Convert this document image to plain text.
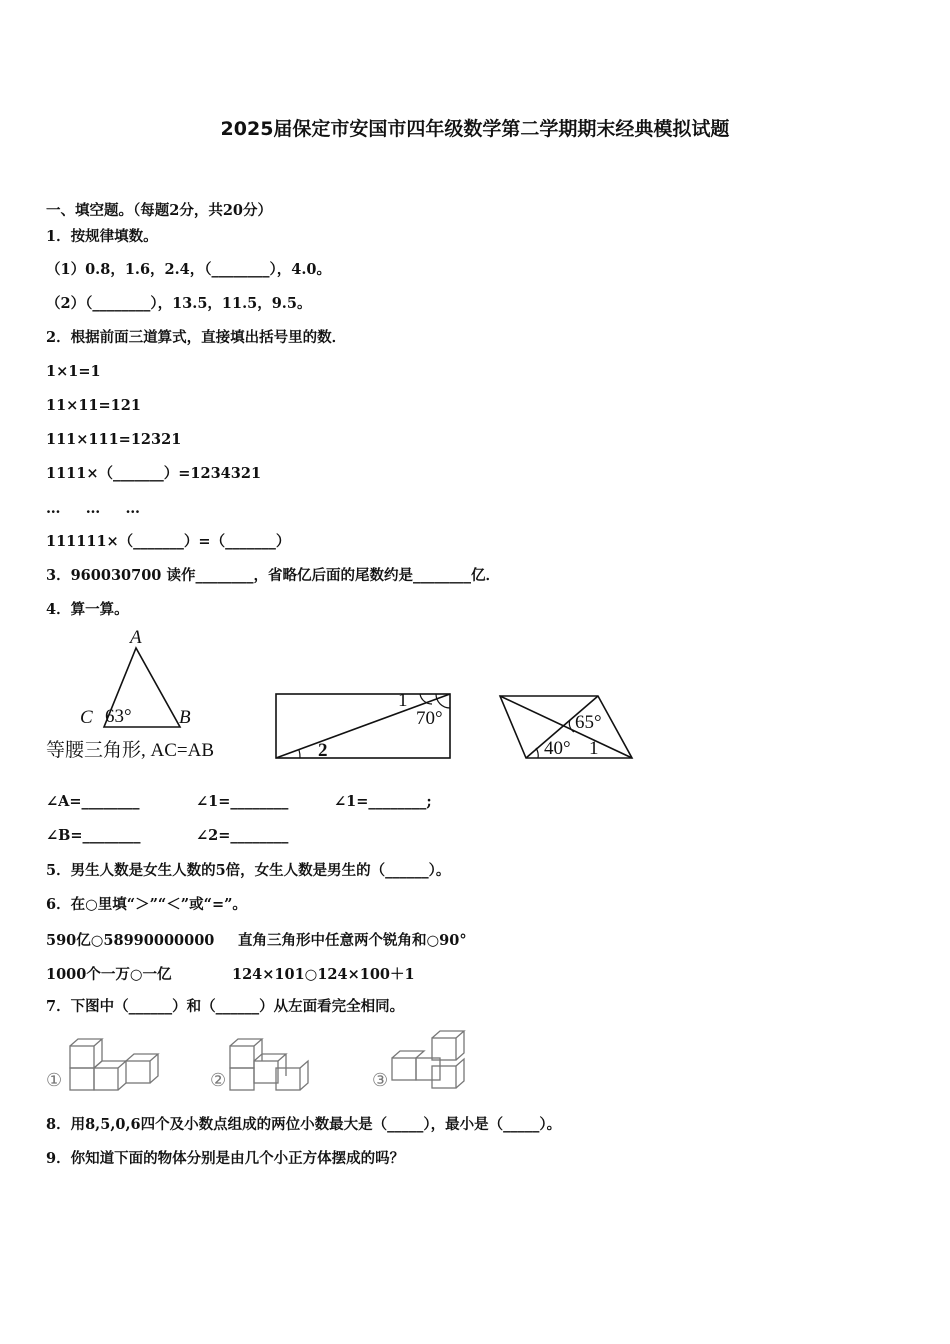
2025届保定市安国市四年级数学第二学期期末经典模拟试题
一、填空题。（每题2分，共20分）
1．按规律填数。
（1）0.8，1.6，2.4，（________），4.0。
（2）（________），13.5，11.5，9.5。
2．根据前面三道算式，直接填出括号里的数．
1×1=1
11×11=121
111×111=12321
1111×（_______）=1234321
…     …     …
111111×（_______）=（_______）
3．960030700 读作________，省略亿后面的尾数约是________亿．
4．算一算。
A
C 63° B
等腰三角形, AC=AB
1
70°
2
65°
40° 1
∠A=________
∠B=________
∠1=________
∠2=________
∠1=________;
5．男生人数是女生人数的5倍，女生人数是男生的（______）。
6．在○里填“＞”“＜”或“=”。
590亿○58990000000 直角三角形中任意两个锐角和○90°
1000个一万○一亿	124×101○124×100＋1
7．下图中（______）和（______）从左面看完全相同。
①	②	③
8．用8,5,0,6四个及小数点组成的两位小数最大是（_____），最小是（_____）。
9．你知道下面的物体分别是由几个小正方体摆成的吗？
